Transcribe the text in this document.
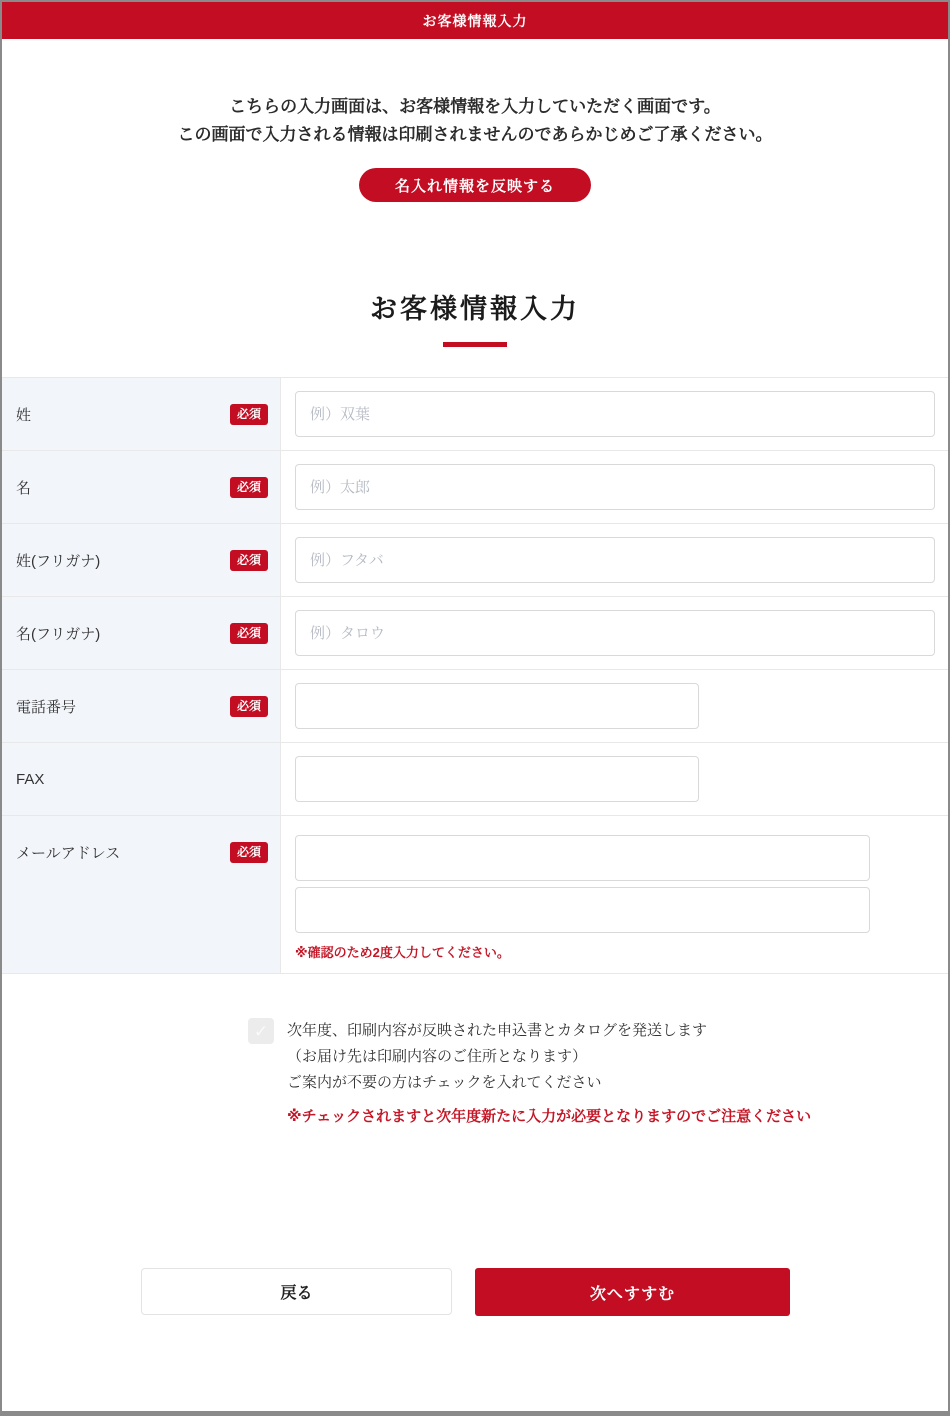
お客様情報入力
こちらの入力画面は、お客様情報を入力していただく画面です。
この画面で入力される情報は印刷されませんのであらかじめご了承ください。
名入れ情報を反映する
お客様情報入力
姓	必須
例）双葉
名	必須
例）太郎
姓(フリガナ)	必須
例）フタバ
名(フリガナ)	必須
例）タロウ
電話番号	必須
FAX
メールアドレス	必須
※確認のため2度入力してください。
✓ 次年度、印刷内容が反映された申込書とカタログを発送します
（お届け先は印刷内容のご住所となります）
ご案内が不要の方はチェックを入れてください
※チェックされますと次年度新たに入力が必要となりますのでご注意ください
戻る	次へすすむ
